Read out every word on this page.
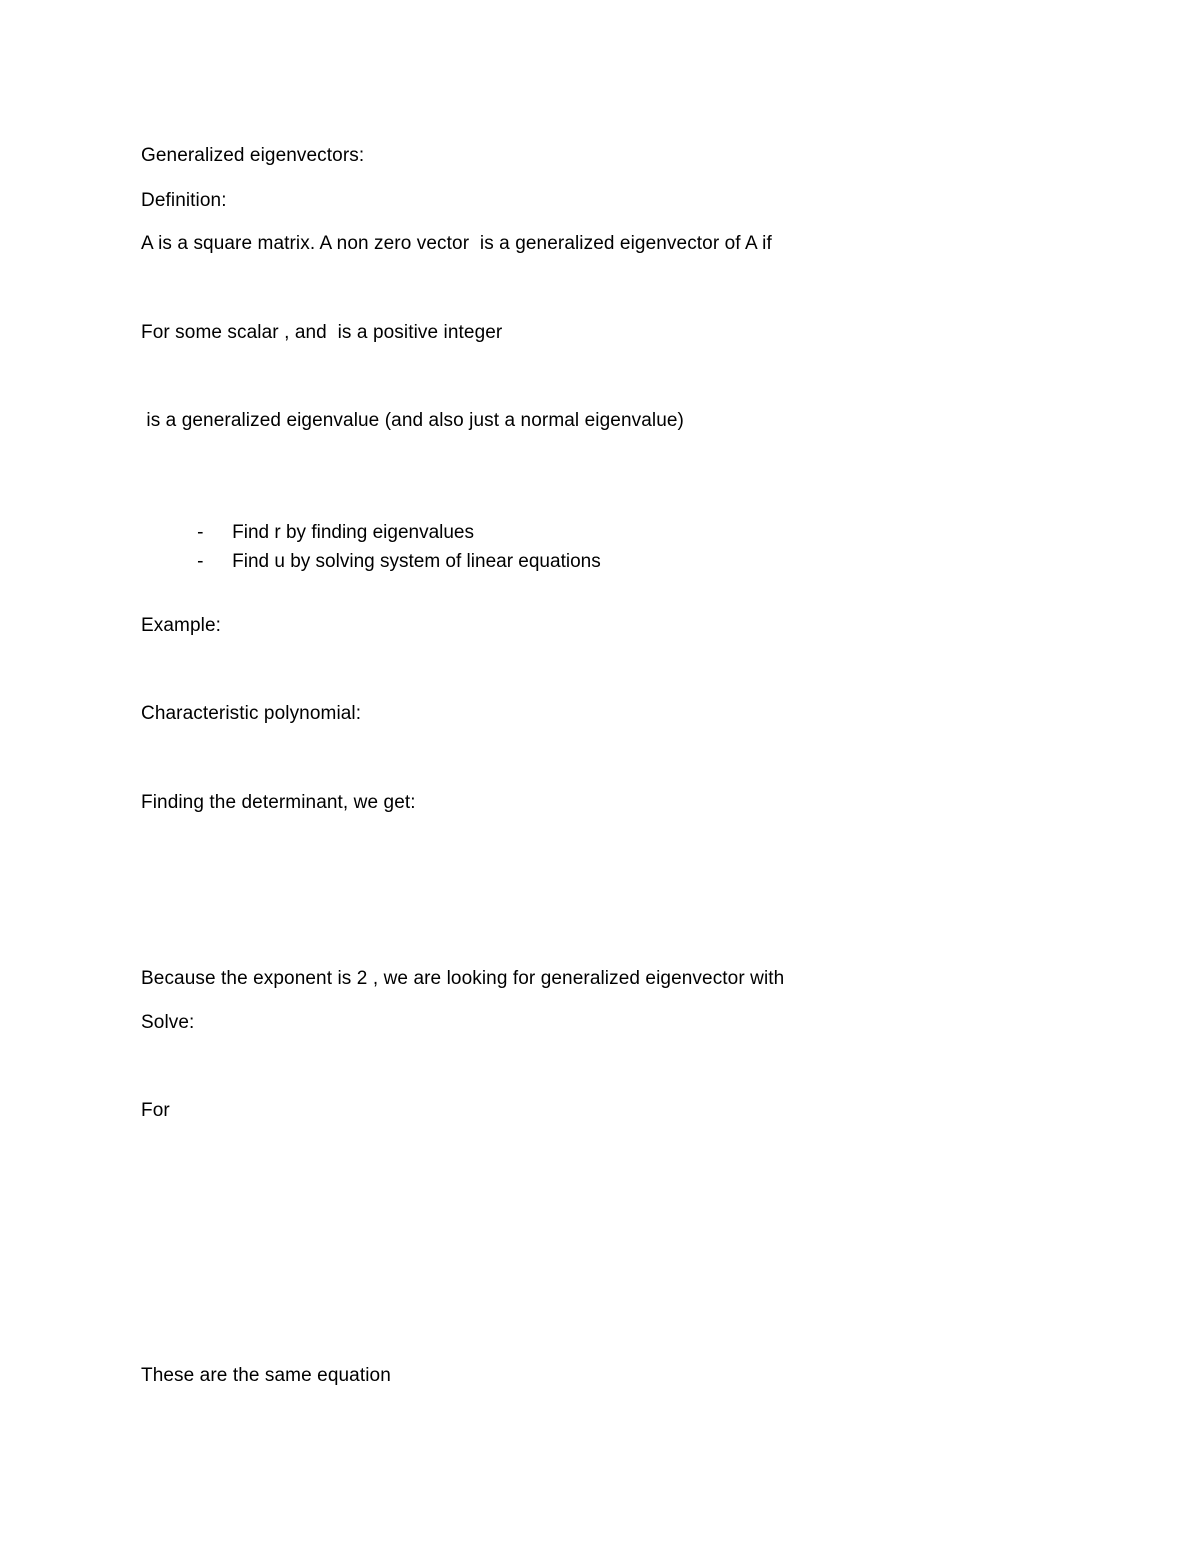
Generalized eigenvectors:
Definition:
A is a square matrix. A non zero vector  is a generalized eigenvector of A if
For some scalar , and  is a positive integer
is a generalized eigenvalue (and also just a normal eigenvalue)

- Find r by finding eigenvalues

- Find u by solving system of linear equations

Example:
Characteristic polynomial:
Finding the determinant, we get:
Because the exponent is 2 , we are looking for generalized eigenvector with
Solve:
For
These are the same equation
